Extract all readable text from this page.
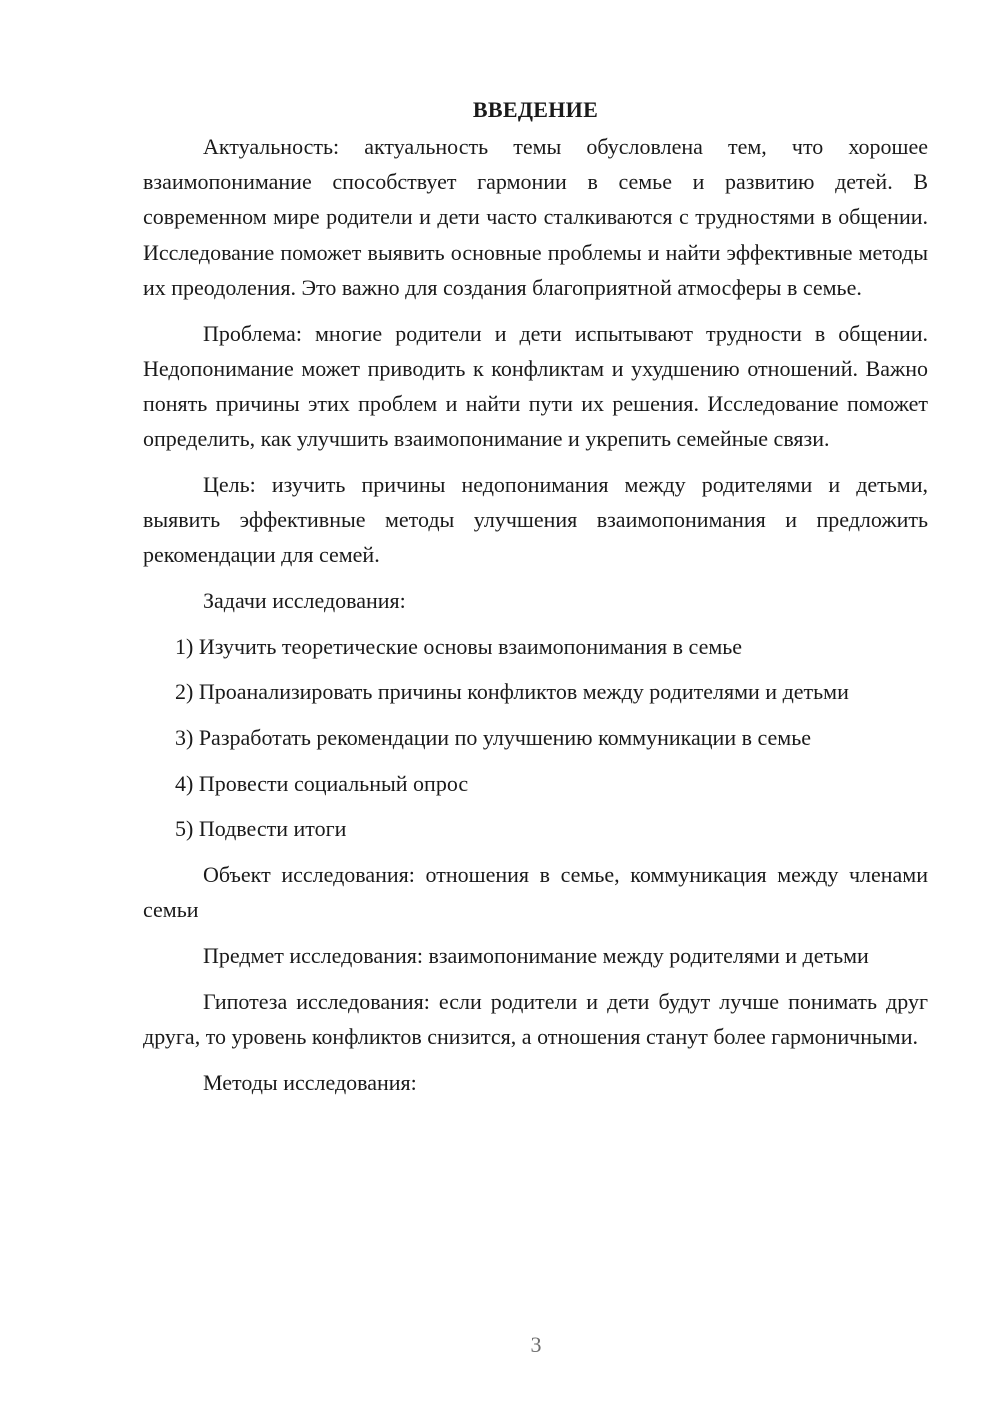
ВВЕДЕНИЕ

Актуальность: актуальность темы обусловлена тем, что хорошее взаимопонимание способствует гармонии в семье и развитию детей. В современном мире родители и дети часто сталкиваются с трудностями в общении. Исследование поможет выявить основные проблемы и найти эффективные методы их преодоления. Это важно для создания благоприятной атмосферы в семье.

Проблема: многие родители и дети испытывают трудности в общении. Недопонимание может приводить к конфликтам и ухудшению отношений. Важно понять причины этих проблем и найти пути их решения. Исследование поможет определить, как улучшить взаимопонимание и укрепить семейные связи.

Цель: изучить причины недопонимания между родителями и детьми, выявить эффективные методы улучшения взаимопонимания и предложить рекомендации для семей.

Задачи исследования:

1) Изучить теоретические основы взаимопонимания в семье

2) Проанализировать причины конфликтов между родителями и детьми

3) Разработать рекомендации по улучшению коммуникации в семье

4) Провести социальный опрос

5) Подвести итоги

Объект исследования: отношения в семье, коммуникация между членами семьи

Предмет исследования: взаимопонимание между родителями и детьми

Гипотеза исследования: если родители и дети будут лучше понимать друг друга, то уровень конфликтов снизится, а отношения станут более гармоничными.

Методы исследования:

3
